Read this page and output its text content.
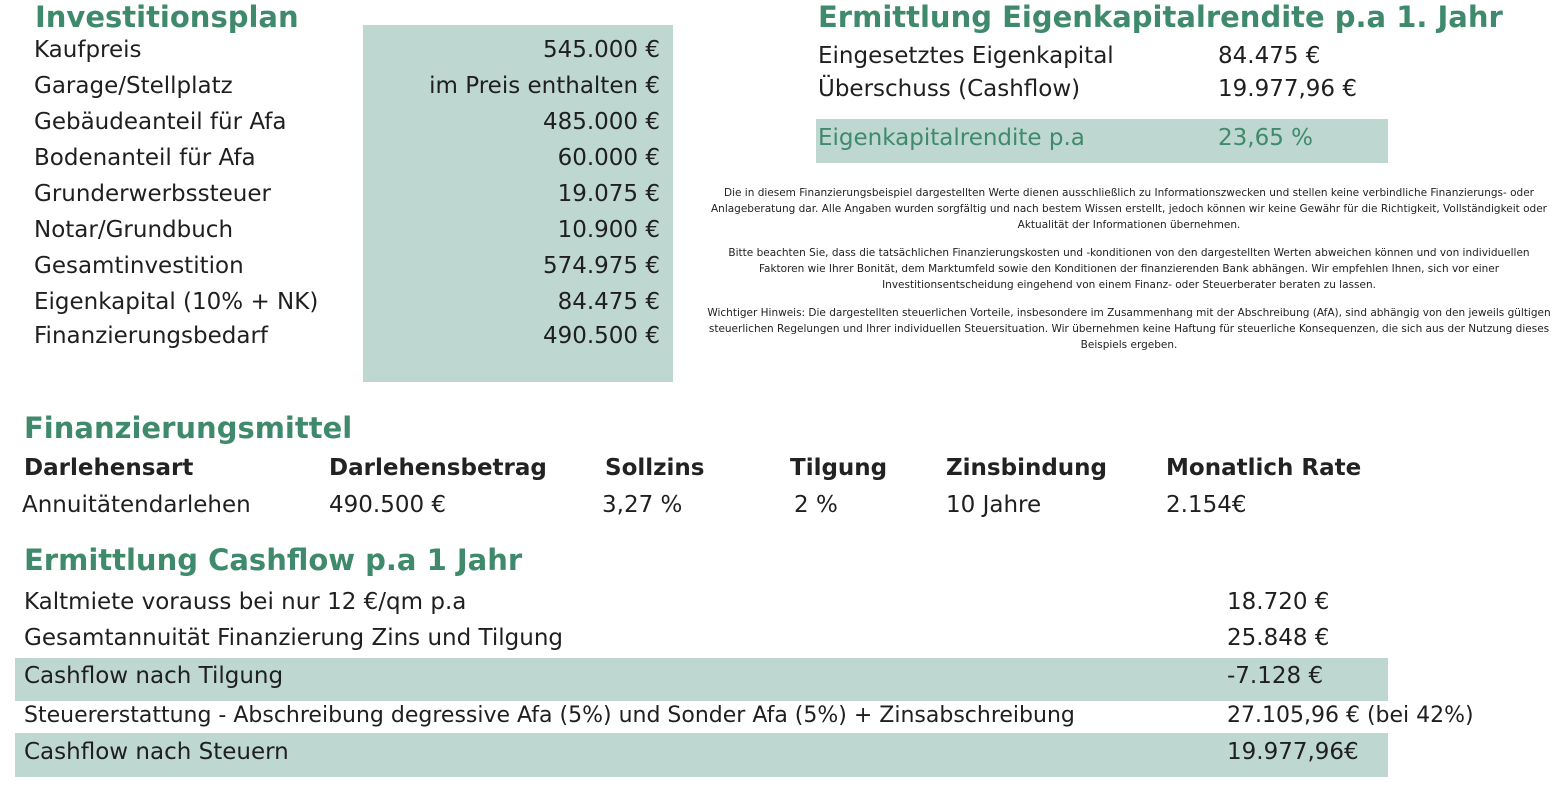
Investitionsplan
Kaufpreis	545.000 €
Garage/Stellplatz	im Preis enthalten €
Gebäudeanteil für Afa	485.000 €
Bodenanteil für Afa	60.000 €
Grunderwerbssteuer	19.075 €
Notar/Grundbuch	10.900 €
Gesamtinvestition	574.975 €
Eigenkapital (10% + NK)	84.475 €
Finanzierungsbedarf	490.500 €
Ermittlung Eigenkapitalrendite p.a 1. Jahr
Eingesetztes Eigenkapital	84.475 €
Überschuss (Cashflow)	19.977,96 €
Eigenkapitalrendite p.a	23,65 %

Die in diesem Finanzierungsbeispiel dargestellten Werte dienen ausschließlich zu Informationszwecken und stellen keine verbindliche Finanzierungs- oder Anlageberatung dar. Alle Angaben wurden sorgfältig und nach bestem Wissen erstellt, jedoch können wir keine Gewähr für die Richtigkeit, Vollständigkeit oder Aktualität der Informationen übernehmen.

Bitte beachten Sie, dass die tatsächlichen Finanzierungskosten und -konditionen von den dargestellten Werten abweichen können und von individuellen Faktoren wie Ihrer Bonität, dem Marktumfeld sowie den Konditionen der finanzierenden Bank abhängen. Wir empfehlen Ihnen, sich vor einer Investitionsentscheidung eingehend von einem Finanz- oder Steuerberater beraten zu lassen.

Wichtiger Hinweis: Die dargestellten steuerlichen Vorteile, insbesondere im Zusammenhang mit der Abschreibung (AfA), sind abhängig von den jeweils gültigen steuerlichen Regelungen und Ihrer individuellen Steuersituation. Wir übernehmen keine Haftung für steuerliche Konsequenzen, die sich aus der Nutzung dieses Beispiels ergeben.

Finanzierungsmittel
Darlehensart	Darlehensbetrag	Sollzins	Tilgung	Zinsbindung	Monatlich Rate
Annuitätendarlehen	490.500 €	3,27 %	2 %	10 Jahre	2.154€
Ermittlung Cashflow p.a 1 Jahr
Kaltmiete vorauss bei nur 12 €/qm p.a	18.720 €
Gesamtannuität Finanzierung Zins und Tilgung	25.848 €
Cashflow nach Tilgung	-7.128 €
Steuererstattung - Abschreibung degressive Afa (5%) und Sonder Afa (5%) + Zinsabschreibung	27.105,96 € (bei 42%)
Cashflow nach Steuern	19.977,96€
